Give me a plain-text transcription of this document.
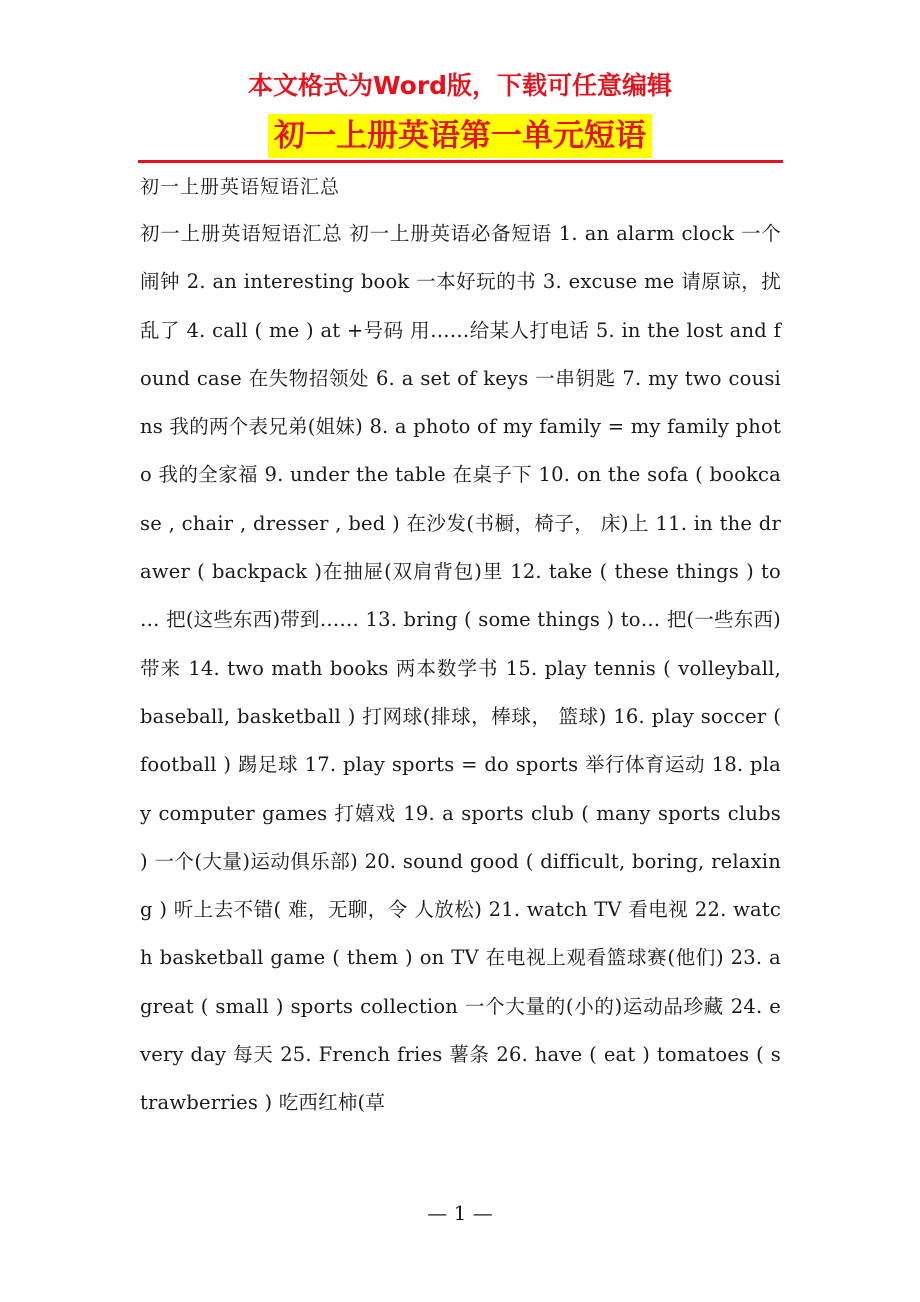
本文格式为Word版，下载可任意编辑
初一上册英语第一单元短语
初一上册英语短语汇总
初一上册英语短语汇总 初一上册英语必备短语 1. an alarm clock 一个闹钟 2. an interesting book 一本好玩的书 3. excuse me 请原谅，扰乱了 4. call ( me ) at +号码 用……给某人打电话 5. in the lost and found case 在失物招领处 6. a set of keys 一串钥匙 7. my two cousins 我的两个表兄弟(姐妹) 8. a photo of my family = my family photo 我的全家福 9. under the table 在桌子下 10. on the sofa ( bookcase , chair , dresser , bed ) 在沙发(书橱，椅子， 床)上 11. in the drawer ( backpack )在抽屉(双肩背包)里 12. take ( these things ) to … 把(这些东西)带到…… 13. bring ( some things ) to… 把(一些东西)带来 14. two math books 两本数学书 15. play tennis ( volleyball, baseball, basketball ) 打网球(排球，棒球， 篮球) 16. play soccer ( football ) 踢足球 17. play sports = do sports 举行体育运动 18. play computer games 打嬉戏 19. a sports club ( many sports clubs ) 一个(大量)运动俱乐部) 20. sound good ( difficult, boring, relaxing ) 听上去不错( 难，无聊，令 人放松) 21. watch TV 看电视 22. watch basketball game ( them ) on TV 在电视上观看篮球赛(他们) 23. a great ( small ) sports collection 一个大量的(小的)运动品珍藏 24. every day 每天 25. French fries 薯条 26. have ( eat ) tomatoes ( strawberries ) 吃西红柿(草
— 1 —
